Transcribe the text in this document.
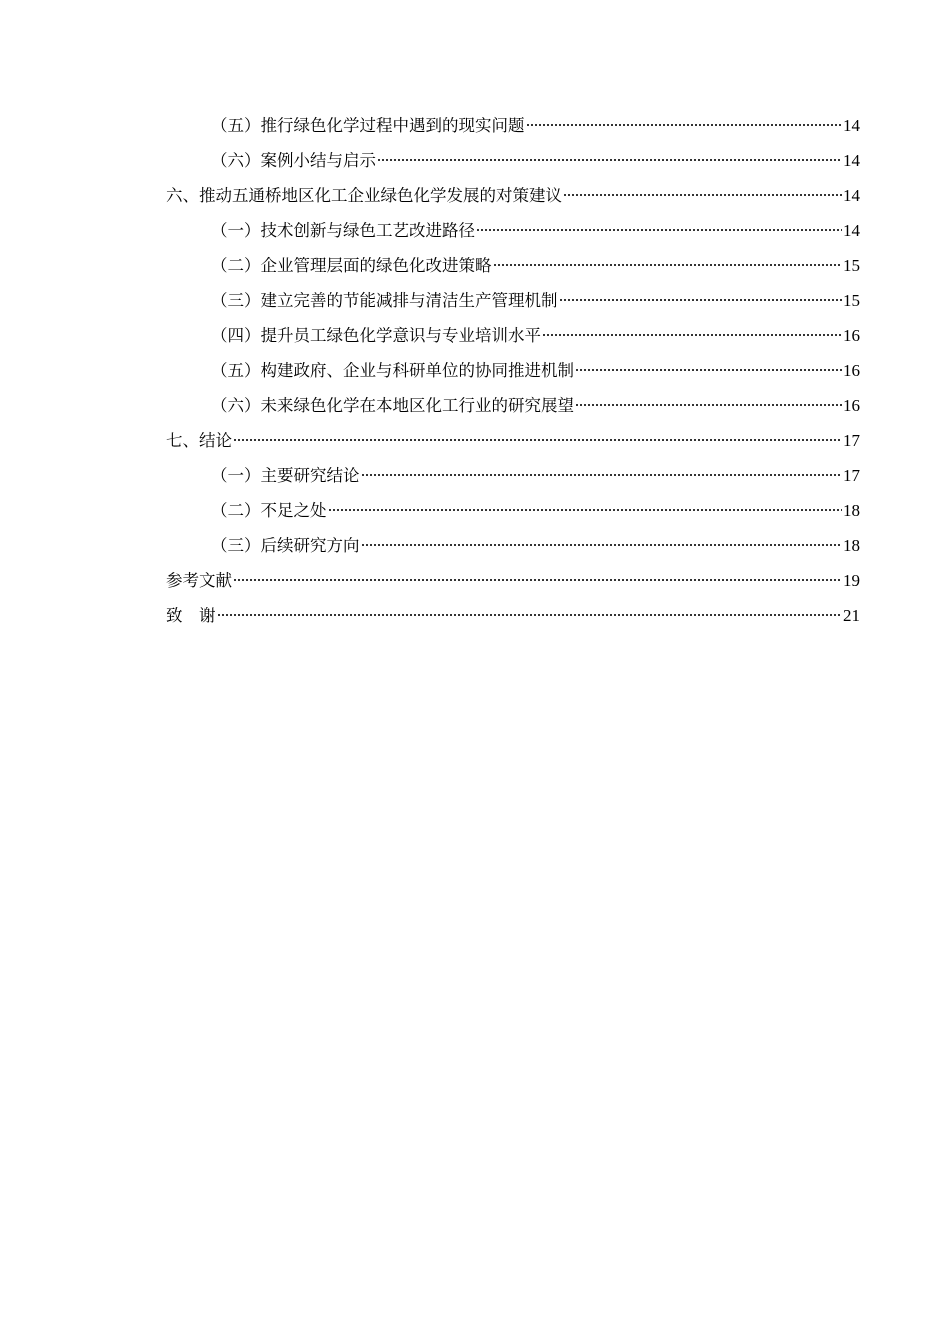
（五）推行绿色化学过程中遇到的现实问题	14
（六）案例小结与启示	14
六、推动五通桥地区化工企业绿色化学发展的对策建议	14
（一）技术创新与绿色工艺改进路径	14
（二）企业管理层面的绿色化改进策略	15
（三）建立完善的节能减排与清洁生产管理机制	15
（四）提升员工绿色化学意识与专业培训水平	16
（五）构建政府、企业与科研单位的协同推进机制	16
（六）未来绿色化学在本地区化工行业的研究展望	16
七、结论	17
（一）主要研究结论	17
（二）不足之处	18
（三）后续研究方向	18
参考文献	19
致　谢	21
